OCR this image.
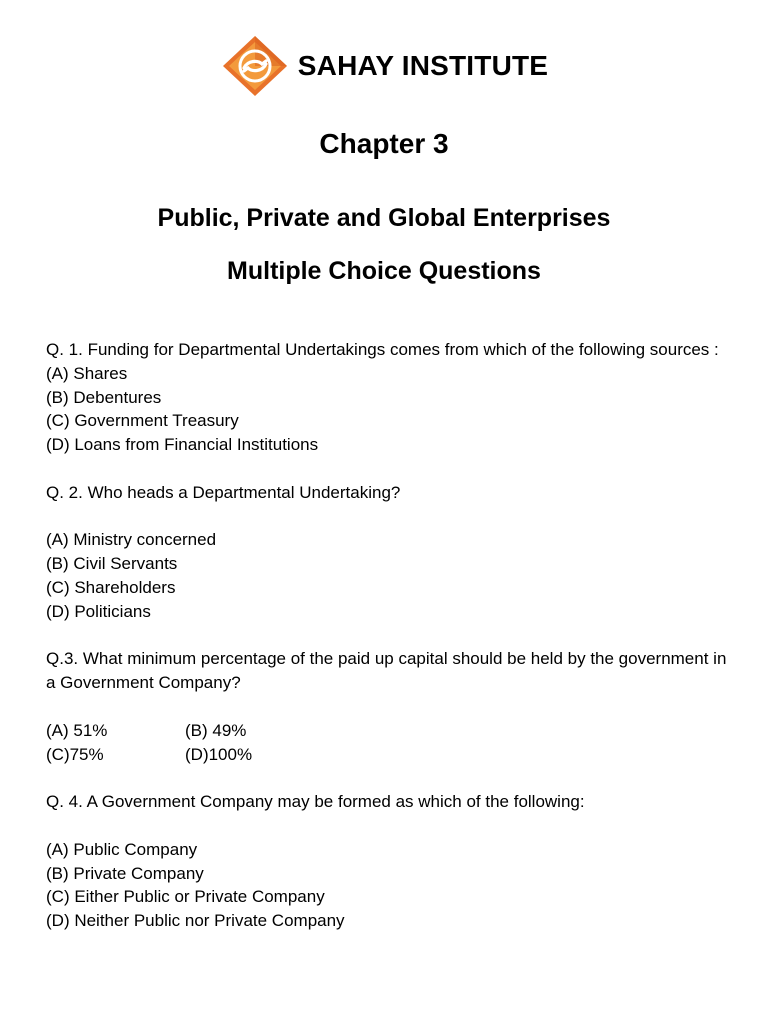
SAHAY INSTITUTE
Chapter 3
Public, Private and Global Enterprises
Multiple Choice Questions
Q. 1. Funding for Departmental Undertakings comes from which of the following sources :
(A) Shares
(B) Debentures
(C) Government Treasury
(D) Loans from Financial Institutions
Q. 2. Who heads a Departmental Undertaking?
(A) Ministry concerned
(B) Civil Servants
(C) Shareholders
(D) Politicians
Q.3. What minimum percentage of the paid up capital should be held by the government in a Government Company?
(A) 51%	(B) 49%
(C)75%	(D)100%
Q. 4. A Government Company may be formed as which of the following:
(A) Public Company
(B) Private Company
(C) Either Public or Private Company
(D) Neither Public nor Private Company
